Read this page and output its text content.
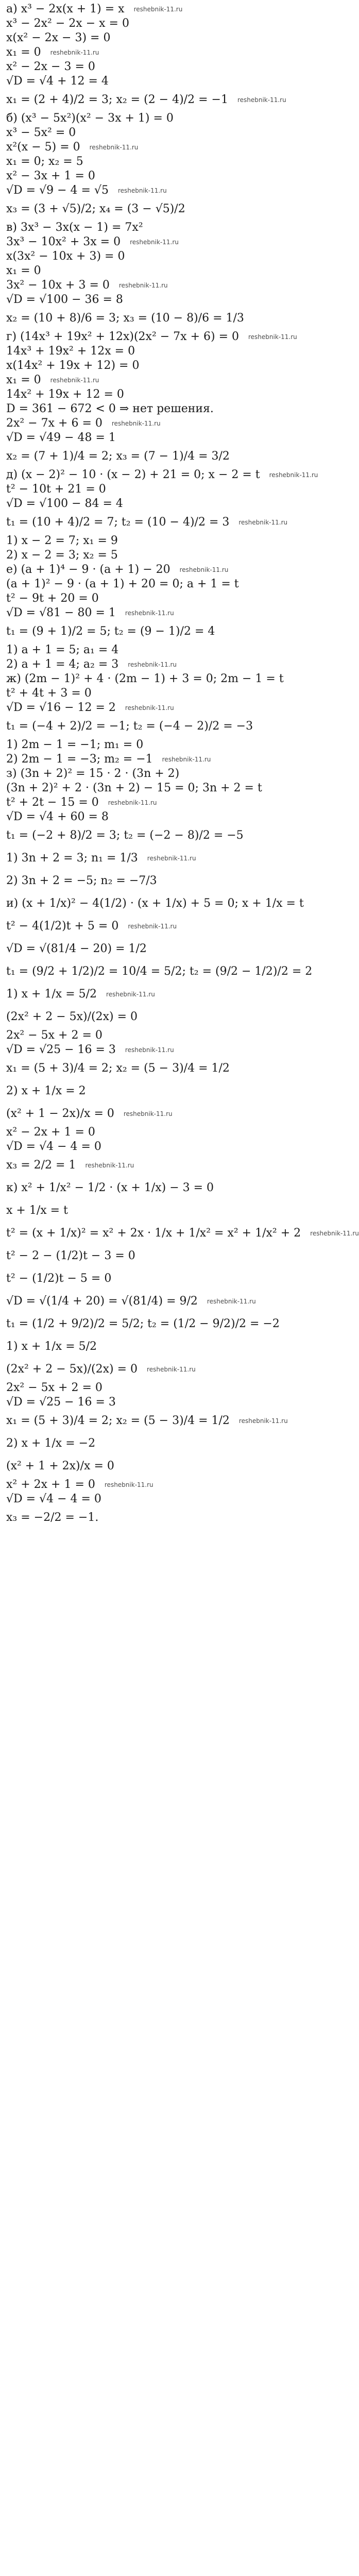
а) x³ − 2x(x + 1) = x reshebnik-11.ru
x³ − 2x² − 2x − x = 0
x(x² − 2x − 3) = 0
x₁ = 0 reshebnik-11.ru
x² − 2x − 3 = 0
√D = √4 + 12 = 4
x₁ = (2 + 4)/2 = 3; x₂ = (2 − 4)/2 = −1 reshebnik-11.ru
б) (x³ − 5x²)(x² − 3x + 1) = 0
x³ − 5x² = 0
x²(x − 5) = 0 reshebnik-11.ru
x₁ = 0; x₂ = 5
x² − 3x + 1 = 0
√D = √9 − 4 = √5 reshebnik-11.ru
x₃ = (3 + √5)/2; x₄ = (3 − √5)/2
в) 3x³ − 3x(x − 1) = 7x²
3x³ − 10x² + 3x = 0 reshebnik-11.ru
x(3x² − 10x + 3) = 0
x₁ = 0
3x² − 10x + 3 = 0 reshebnik-11.ru
√D = √100 − 36 = 8
x₂ = (10 + 8)/6 = 3; x₃ = (10 − 8)/6 = 1/3
г) (14x³ + 19x² + 12x)(2x² − 7x + 6) = 0 reshebnik-11.ru
14x³ + 19x² + 12x = 0
x(14x² + 19x + 12) = 0
x₁ = 0 reshebnik-11.ru
14x² + 19x + 12 = 0
D = 361 − 672 < 0 ⇒ нет решения.
2x² − 7x + 6 = 0 reshebnik-11.ru
√D = √49 − 48 = 1
x₂ = (7 + 1)/4 = 2; x₃ = (7 − 1)/4 = 3/2
д) (x − 2)² − 10 · (x − 2) + 21 = 0; x − 2 = t reshebnik-11.ru
t² − 10t + 21 = 0
√D = √100 − 84 = 4
t₁ = (10 + 4)/2 = 7; t₂ = (10 − 4)/2 = 3 reshebnik-11.ru
1) x − 2 = 7; x₁ = 9
2) x − 2 = 3; x₂ = 5
е) (a + 1)⁴ − 9 · (a + 1) − 20 reshebnik-11.ru
(a + 1)² − 9 · (a + 1) + 20 = 0; a + 1 = t
t² − 9t + 20 = 0
√D = √81 − 80 = 1 reshebnik-11.ru
t₁ = (9 + 1)/2 = 5; t₂ = (9 − 1)/2 = 4
1) a + 1 = 5; a₁ = 4
2) a + 1 = 4; a₂ = 3 reshebnik-11.ru
ж) (2m − 1)² + 4 · (2m − 1) + 3 = 0; 2m − 1 = t
t² + 4t + 3 = 0
√D = √16 − 12 = 2 reshebnik-11.ru
t₁ = (−4 + 2)/2 = −1; t₂ = (−4 − 2)/2 = −3
1) 2m − 1 = −1; m₁ = 0
2) 2m − 1 = −3; m₂ = −1 reshebnik-11.ru
з) (3n + 2)² = 15 · 2 · (3n + 2)
(3n + 2)² + 2 · (3n + 2) − 15 = 0; 3n + 2 = t
t² + 2t − 15 = 0 reshebnik-11.ru
√D = √4 + 60 = 8
t₁ = (−2 + 8)/2 = 3; t₂ = (−2 − 8)/2 = −5
1) 3n + 2 = 3; n₁ = 1/3 reshebnik-11.ru
2) 3n + 2 = −5; n₂ = −7/3
и) (x + 1/x)² − 4(1/2) · (x + 1/x) + 5 = 0; x + 1/x = t
t² − 4(1/2)t + 5 = 0 reshebnik-11.ru
√D = √(81/4 − 20) = 1/2
t₁ = (9/2 + 1/2)/2 = 10/4 = 5/2; t₂ = (9/2 − 1/2)/2 = 2
1) x + 1/x = 5/2 reshebnik-11.ru
(2x² + 2 − 5x)/(2x) = 0
2x² − 5x + 2 = 0
√D = √25 − 16 = 3 reshebnik-11.ru
x₁ = (5 + 3)/4 = 2; x₂ = (5 − 3)/4 = 1/2
2) x + 1/x = 2
(x² + 1 − 2x)/x = 0 reshebnik-11.ru
x² − 2x + 1 = 0
√D = √4 − 4 = 0
x₃ = 2/2 = 1 reshebnik-11.ru
к) x² + 1/x² − 1/2 · (x + 1/x) − 3 = 0
x + 1/x = t
t² = (x + 1/x)² = x² + 2x · 1/x + 1/x² = x² + 1/x² + 2 reshebnik-11.ru
t² − 2 − (1/2)t − 3 = 0
t² − (1/2)t − 5 = 0
√D = √(1/4 + 20) = √(81/4) = 9/2 reshebnik-11.ru
t₁ = (1/2 + 9/2)/2 = 5/2; t₂ = (1/2 − 9/2)/2 = −2
1) x + 1/x = 5/2
(2x² + 2 − 5x)/(2x) = 0 reshebnik-11.ru
2x² − 5x + 2 = 0
√D = √25 − 16 = 3
x₁ = (5 + 3)/4 = 2; x₂ = (5 − 3)/4 = 1/2 reshebnik-11.ru
2) x + 1/x = −2
(x² + 1 + 2x)/x = 0
x² + 2x + 1 = 0 reshebnik-11.ru
√D = √4 − 4 = 0
x₃ = −2/2 = −1.
